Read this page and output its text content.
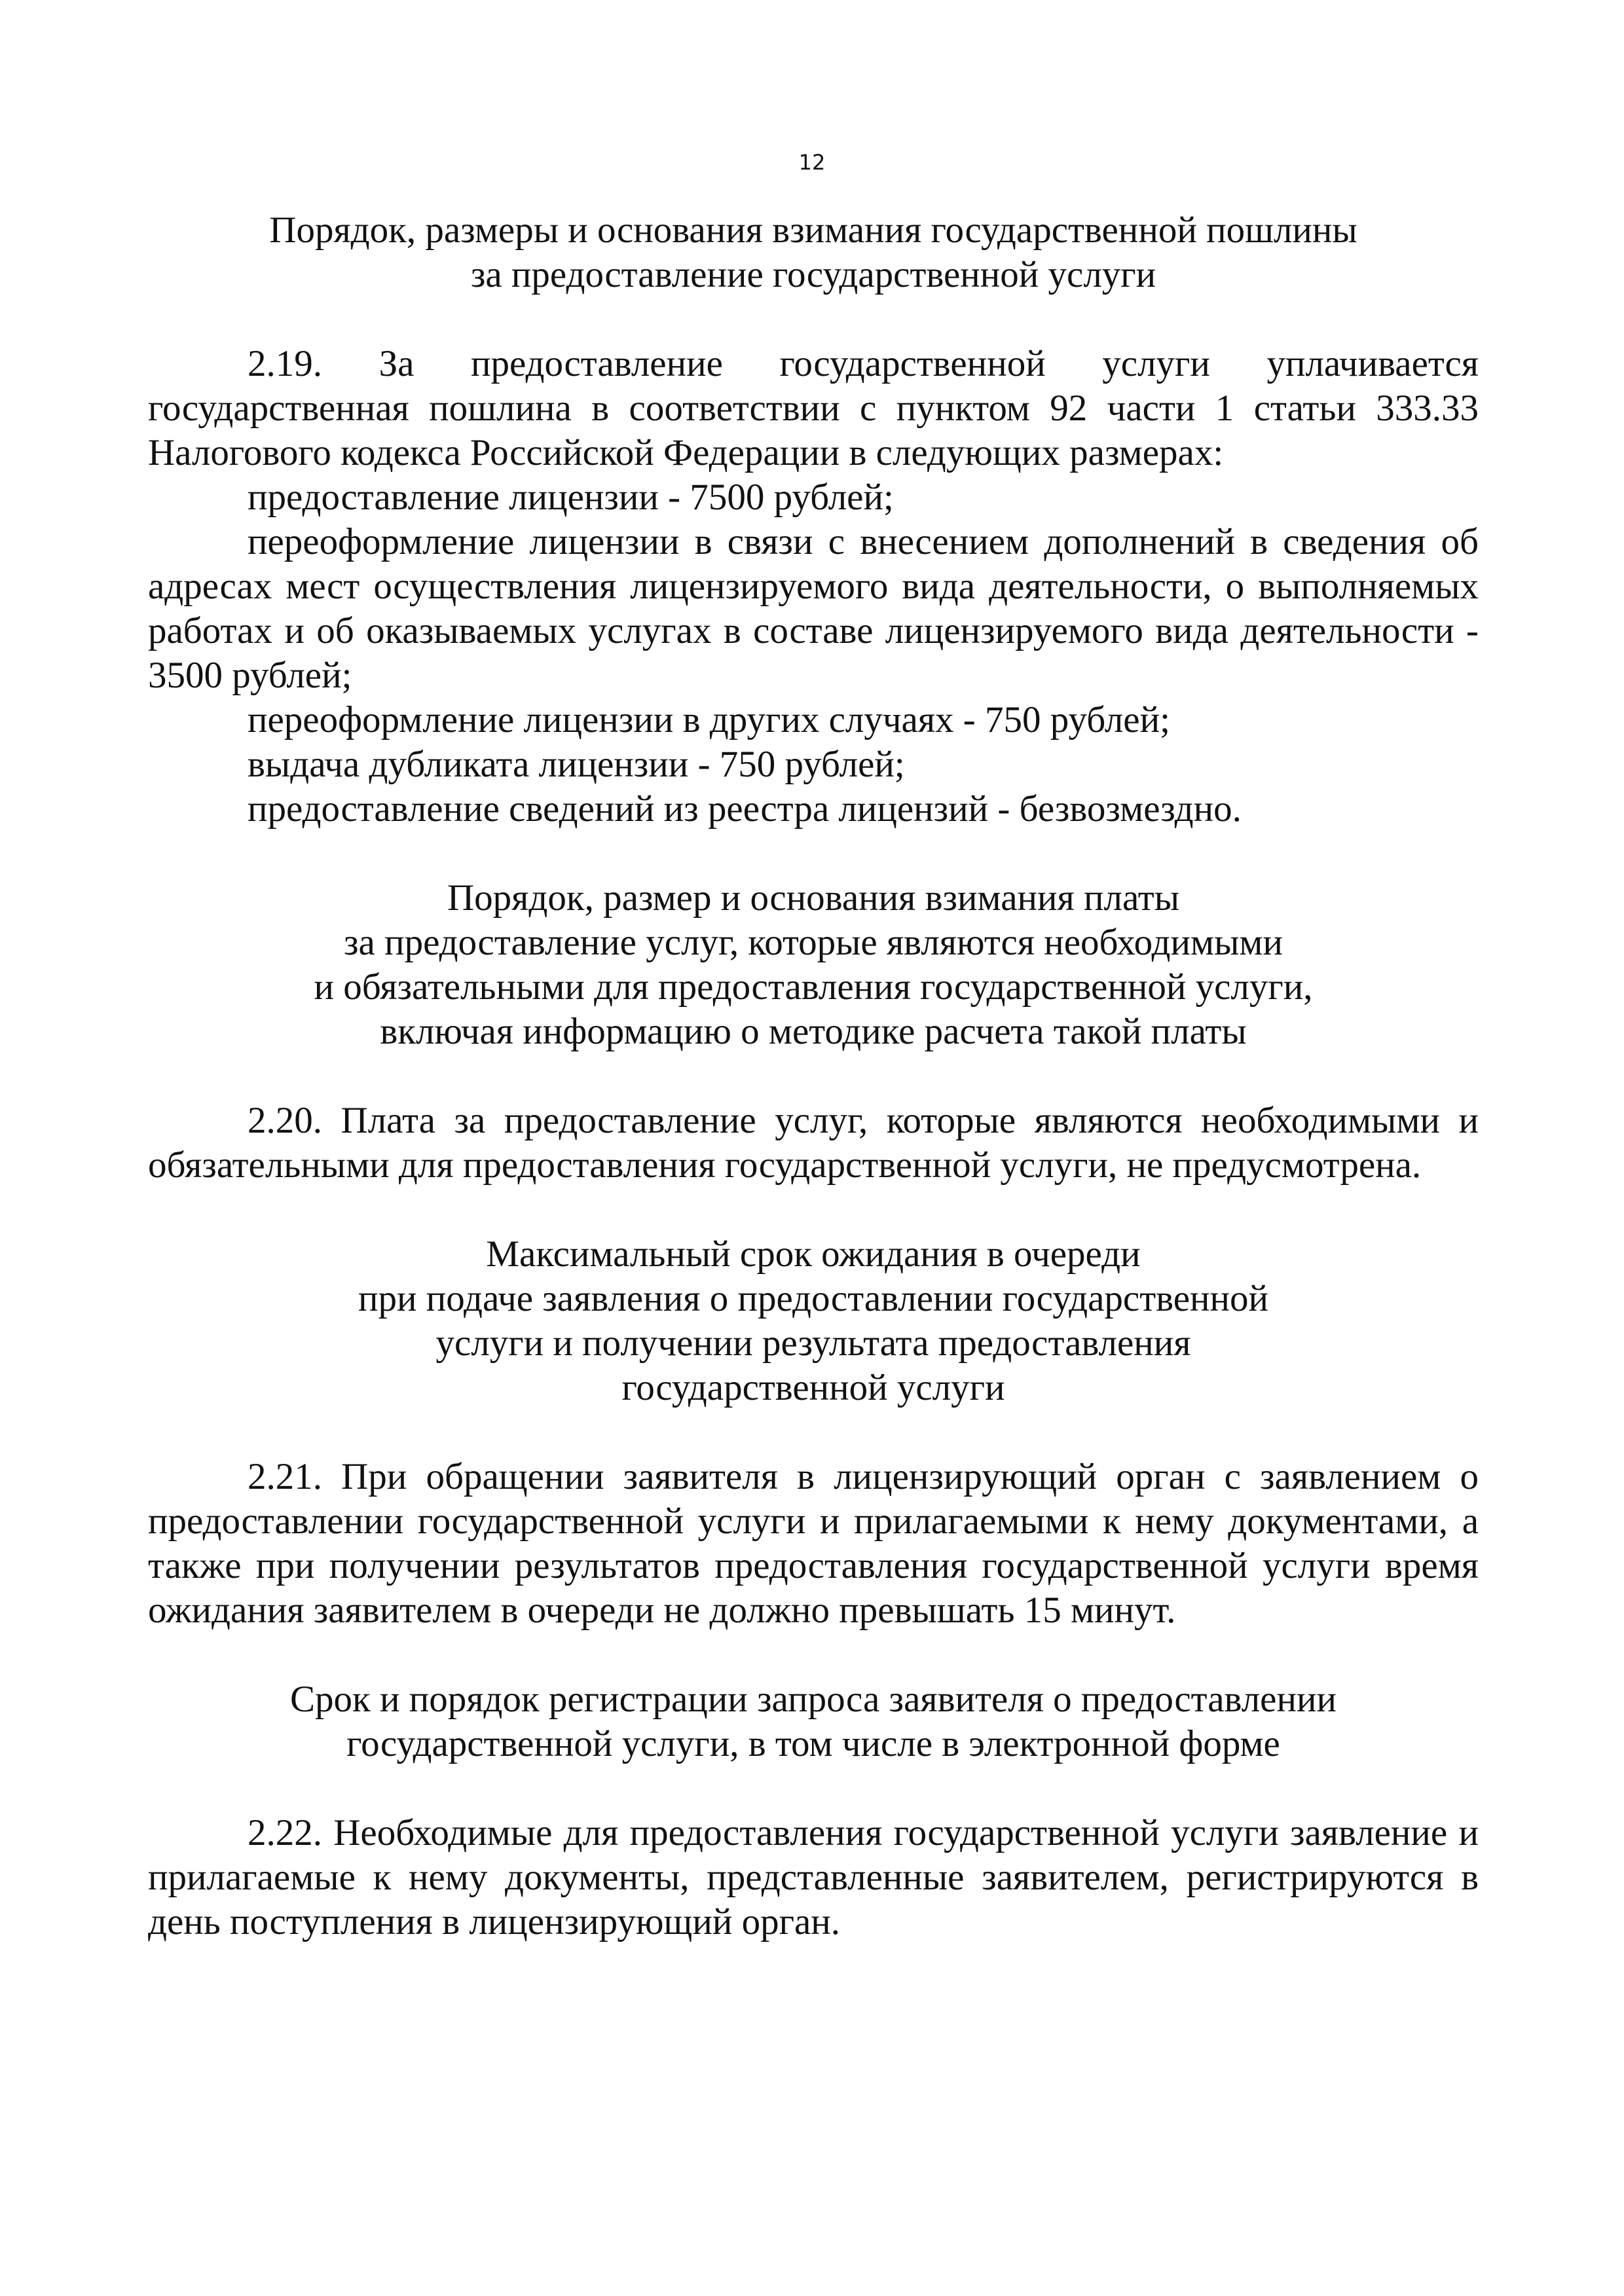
12
Порядок, размеры и основания взимания государственной пошлины
за предоставление государственной услуги

2.19. За предоставление государственной услуги уплачивается государственная пошлина в соответствии с пунктом 92 части 1 статьи 333.33 Налогового кодекса Российской Федерации в следующих размерах:

предоставление лицензии - 7500 рублей;

переоформление лицензии в связи с внесением дополнений в сведения об адресах мест осуществления лицензируемого вида деятельности, о выполняемых работах и об оказываемых услугах в составе лицензируемого вида деятельности - 3500 рублей;

переоформление лицензии в других случаях - 750 рублей;

выдача дубликата лицензии - 750 рублей;

предоставление сведений из реестра лицензий - безвозмездно.

Порядок, размер и основания взимания платы
за предоставление услуг, которые являются необходимыми
и обязательными для предоставления государственной услуги,
включая информацию о методике расчета такой платы

2.20. Плата за предоставление услуг, которые являются необходимыми и обязательными для предоставления государственной услуги, не предусмотрена.

Максимальный срок ожидания в очереди
при подаче заявления о предоставлении государственной
услуги и получении результата предоставления
государственной услуги

2.21. При обращении заявителя в лицензирующий орган с заявлением о предоставлении государственной услуги и прилагаемыми к нему документами, а также при получении результатов предоставления государственной услуги время ожидания заявителем в очереди не должно превышать 15 минут.

Срок и порядок регистрации запроса заявителя о предоставлении
государственной услуги, в том числе в электронной форме

2.22. Необходимые для предоставления государственной услуги заявление и прилагаемые к нему документы, представленные заявителем, регистрируются в день поступления в лицензирующий орган.
